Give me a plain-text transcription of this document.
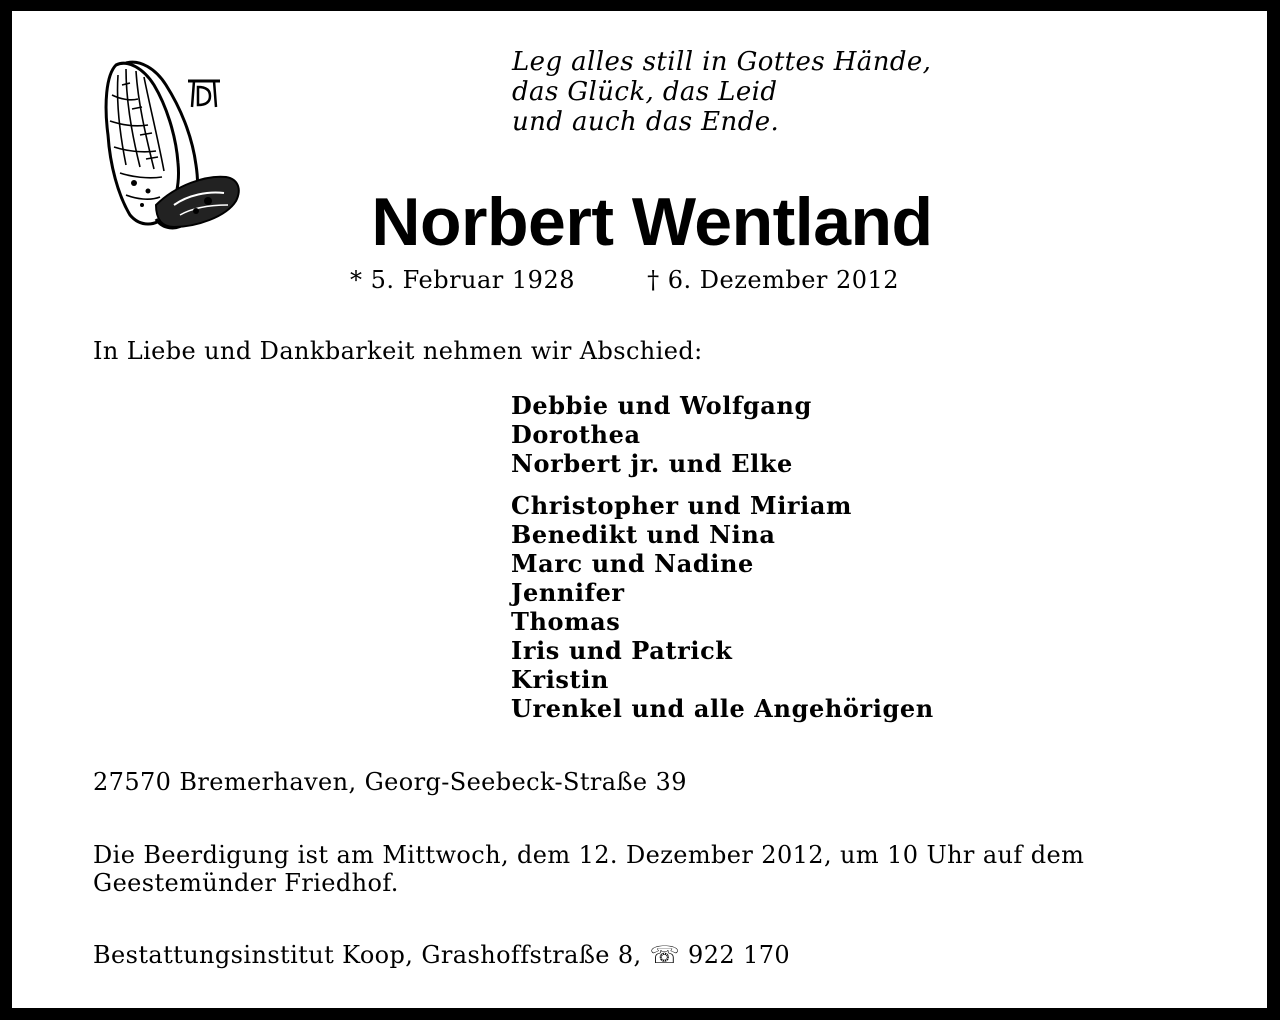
Leg alles still in Gottes Hände,
das Glück, das Leid
und auch das Ende.
Norbert Wentland
* 5. Februar 1928	† 6. Dezember 2012
In Liebe und Dankbarkeit nehmen wir Abschied:
Debbie und Wolfgang
Dorothea
Norbert jr. und Elke
Christopher und Miriam
Benedikt und Nina
Marc und Nadine
Jennifer
Thomas
Iris und Patrick
Kristin
Urenkel und alle Angehörigen
27570 Bremerhaven, Georg-Seebeck-Straße 39
Die Beerdigung ist am Mittwoch, dem 12. Dezember 2012, um 10 Uhr auf dem
Geestemünder Friedhof.
Bestattungsinstitut Koop, Grashoffstraße 8, ☏ 922 170
